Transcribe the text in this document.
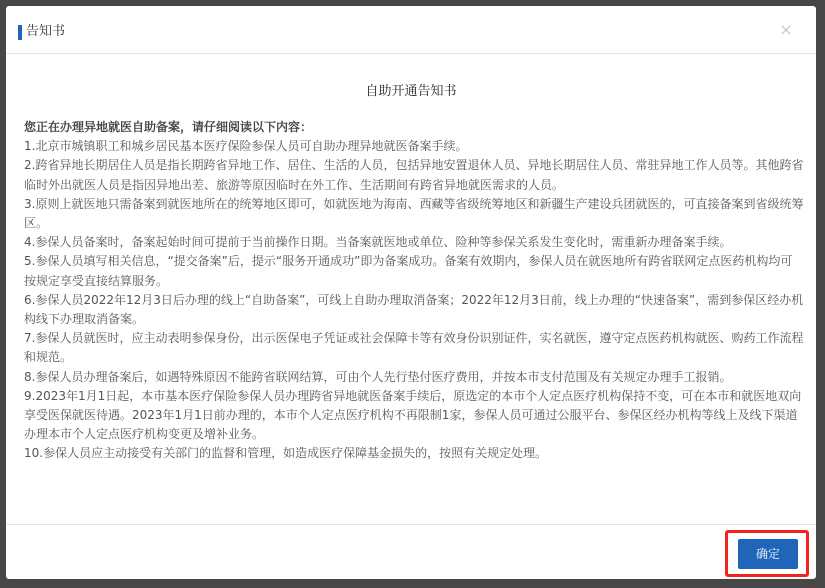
告知书	×
自助开通告知书

您正在办理异地就医自助备案，请仔细阅读以下内容：

1.北京市城镇职工和城乡居民基本医疗保险参保人员可自助办理异地就医备案手续。

2.跨省异地长期居住人员是指长期跨省异地工作、居住、生活的人员，包括异地安置退休人员、异地长期居住人员、常驻异地工作人员等。其他跨省临时外出就医人员是指因异地出差、旅游等原因临时在外工作、生活期间有跨省异地就医需求的人员。

3.原则上就医地只需备案到就医地所在的统筹地区即可，如就医地为海南、西藏等省级统筹地区和新疆生产建设兵团就医的，可直接备案到省级统筹区。

4.参保人员备案时，备案起始时间可提前于当前操作日期。当备案就医地或单位、险种等参保关系发生变化时，需重新办理备案手续。

5.参保人员填写相关信息，“提交备案”后，提示“服务开通成功”即为备案成功。备案有效期内，参保人员在就医地所有跨省联网定点医药机构均可按规定享受直接结算服务。

6.参保人员2022年12月3日后办理的线上“自助备案”，可线上自助办理取消备案；2022年12月3日前，线上办理的“快速备案”，需到参保区经办机构线下办理取消备案。

7.参保人员就医时，应主动表明参保身份，出示医保电子凭证或社会保障卡等有效身份识别证件，实名就医，遵守定点医药机构就医、购药工作流程和规范。

8.参保人员办理备案后，如遇特殊原因不能跨省联网结算，可由个人先行垫付医疗费用，并按本市支付范围及有关规定办理手工报销。

9.2023年1月1日起，本市基本医疗保险参保人员办理跨省异地就医备案手续后，原选定的本市个人定点医疗机构保持不变，可在本市和就医地双向享受医保就医待遇。2023年1月1日前办理的，本市个人定点医疗机构不再限制1家，参保人员可通过公服平台、参保区经办机构等线上及线下渠道办理本市个人定点医疗机构变更及增补业务。

10.参保人员应主动接受有关部门的监督和管理，如造成医疗保障基金损失的，按照有关规定处理。

确定
